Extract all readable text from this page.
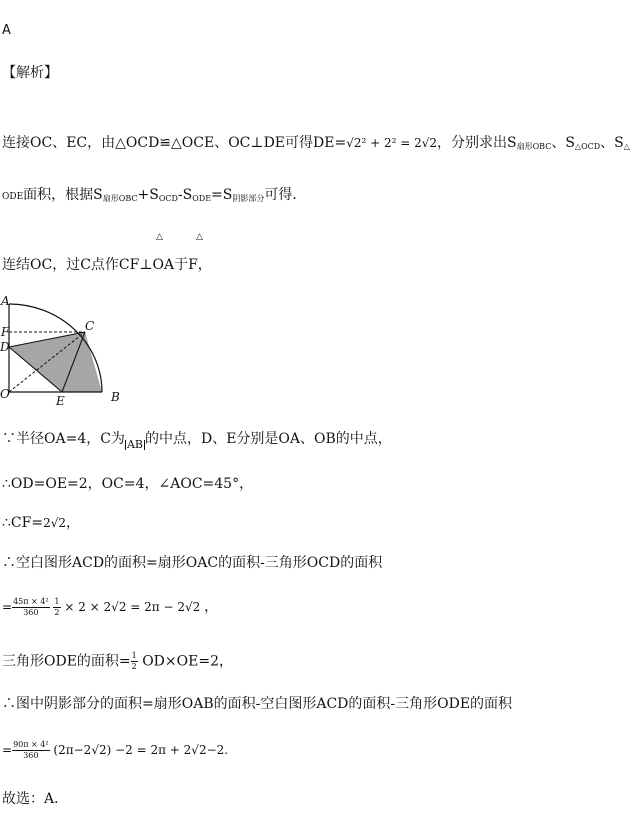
A
【解析】
连接OC、EC，由△OCD≌△OCE、OC⊥DE可得DE=√2² + 2² = 2√2，分别求出$S_{扇形OBC}$、$S_{\triangle OCD}$、$S_\triangle$
ODE面积，根据$S_{扇形OBC}+S_{OCD}-S_{ODE}=S_{阴影部分}$可得．
△	△
连结OC，过C点作CF⊥OA于F，
A
F	C
D
O	E	B
∵半径OA=4，C为 AB 的中点，D、E分别是OA、OB的中点，
∴OD=OE=2，OC=4，∠AOC=45°，
∴CF=2√2，
∴空白图形ACD的面积=扇形OAC的面积-三角形OCD的面积
= $\frac{\text{45π × 4²}}{360}$
$\frac{1}{2} \times 2 \times 2√2 = 2\pi - 2√2$ ，
三角形ODE的面积= $\frac{1}{2} OD\times OE=2$，
∴图中阴影部分的面积=扇形OAB的面积-空白图形ACD的面积-三角形ODE的面积
= $\frac{\text{90π × 4²}}{360} (2\pi-2√2) -2 = 2\pi + 2√2-2$.
故选：A．
